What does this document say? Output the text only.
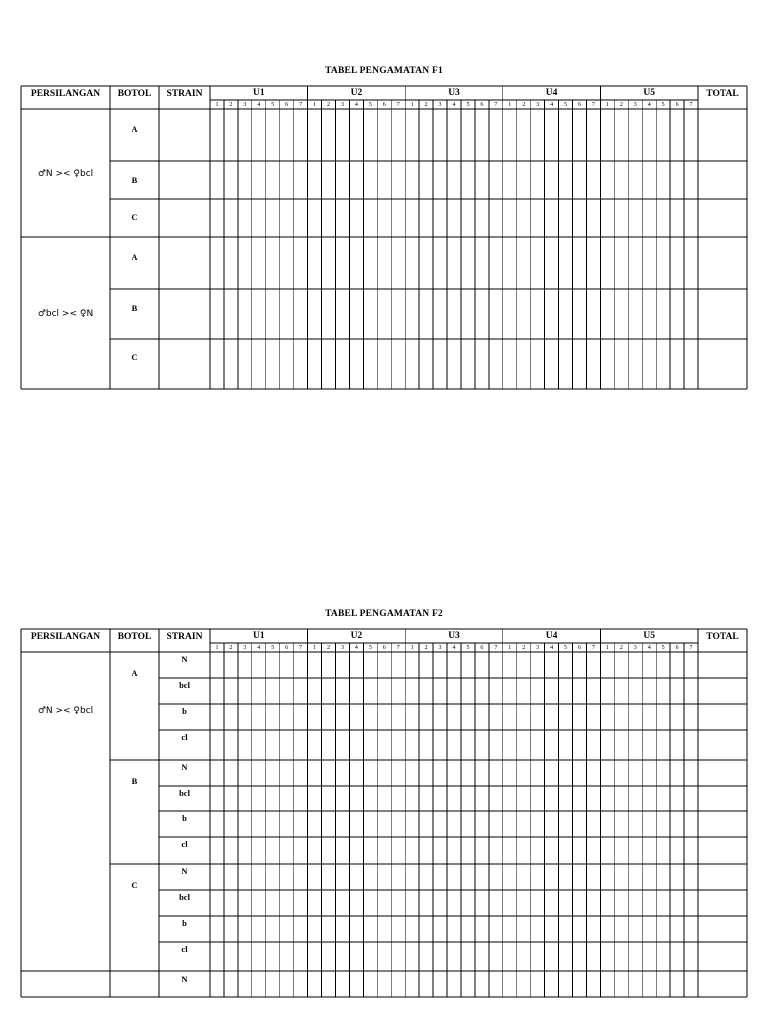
TABEL PENGAMATAN F1
TABEL PENGAMATAN F2
PERSILANGAN BOTOL STRAIN	TOTAL
U1
1 2 3 4 5 6 7
U2
1 2 3 4 5 6 7
U3
1 2 3 4 5 6 7
U4
1 2 3 4 5 6 7
U5
1 2 3 4 5 6 7
♂N >< ♀bcl
A
B
C
♂bcl >< ♀N
A
B
C
PERSILANGAN BOTOL STRAIN	TOTAL
U1
1 2 3 4 5 6 7
U2
1 2 3 4 5 6 7
U3
1 2 3 4 5 6 7
U4
1 2 3 4 5 6 7
U5
1 2 3 4 5 6 7
♂N >< ♀bcl
A
N
bcl
b
cl
B
N
bcl
b
cl
C
N
bcl
b
cl
N
